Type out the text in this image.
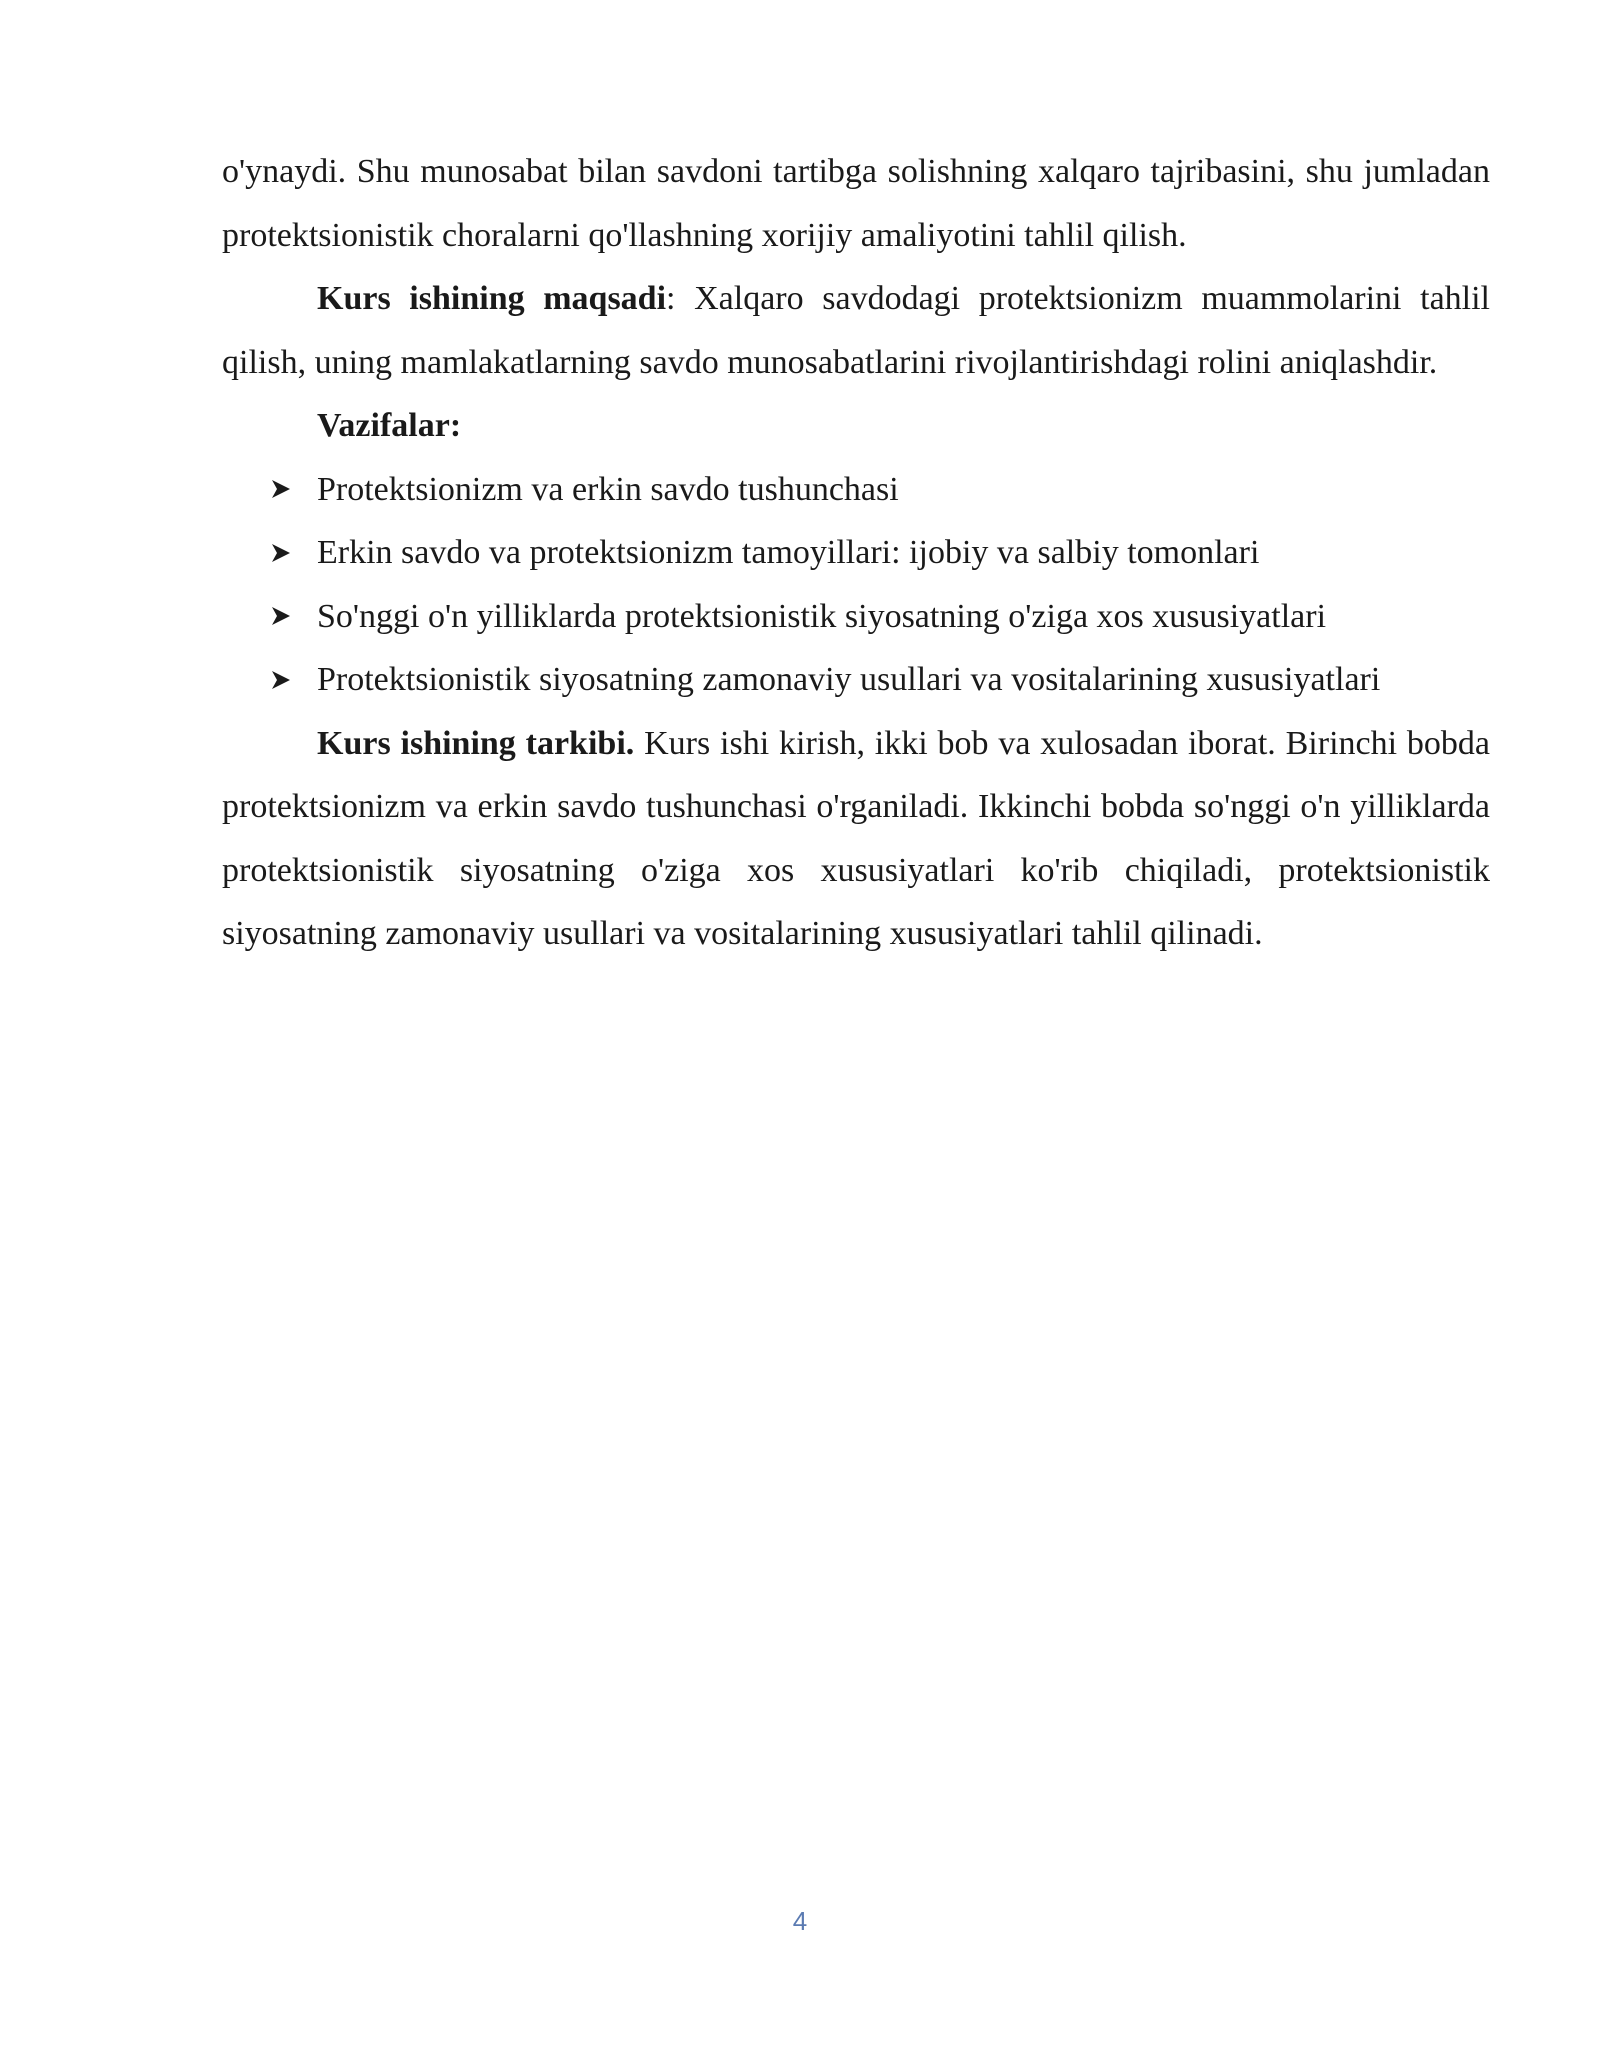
o'ynaydi. Shu munosabat bilan savdoni tartibga solishning xalqaro tajribasini, shu jumladan protektsionistik choralarni qo'llashning xorijiy amaliyotini tahlil qilish.

Kurs ishining maqsadi: Xalqaro savdodagi protektsionizm muammolarini tahlil qilish, uning mamlakatlarning savdo munosabatlarini rivojlantirishdagi rolini aniqlashdir.

Vazifalar:

Protektsionizm va erkin savdo tushunchasi
Erkin savdo va protektsionizm tamoyillari: ijobiy va salbiy tomonlari
So'nggi o'n yilliklarda protektsionistik siyosatning o'ziga xos xususiyatlari
Protektsionistik siyosatning zamonaviy usullari va vositalarining xususiyatlari

Kurs ishining tarkibi. Kurs ishi kirish, ikki bob va xulosadan iborat. Birinchi bobda protektsionizm va erkin savdo tushunchasi o'rganiladi. Ikkinchi bobda so'nggi o'n yilliklarda protektsionistik siyosatning o'ziga xos xususiyatlari ko'rib chiqiladi, protektsionistik siyosatning zamonaviy usullari va vositalarining xususiyatlari tahlil qilinadi.

4
